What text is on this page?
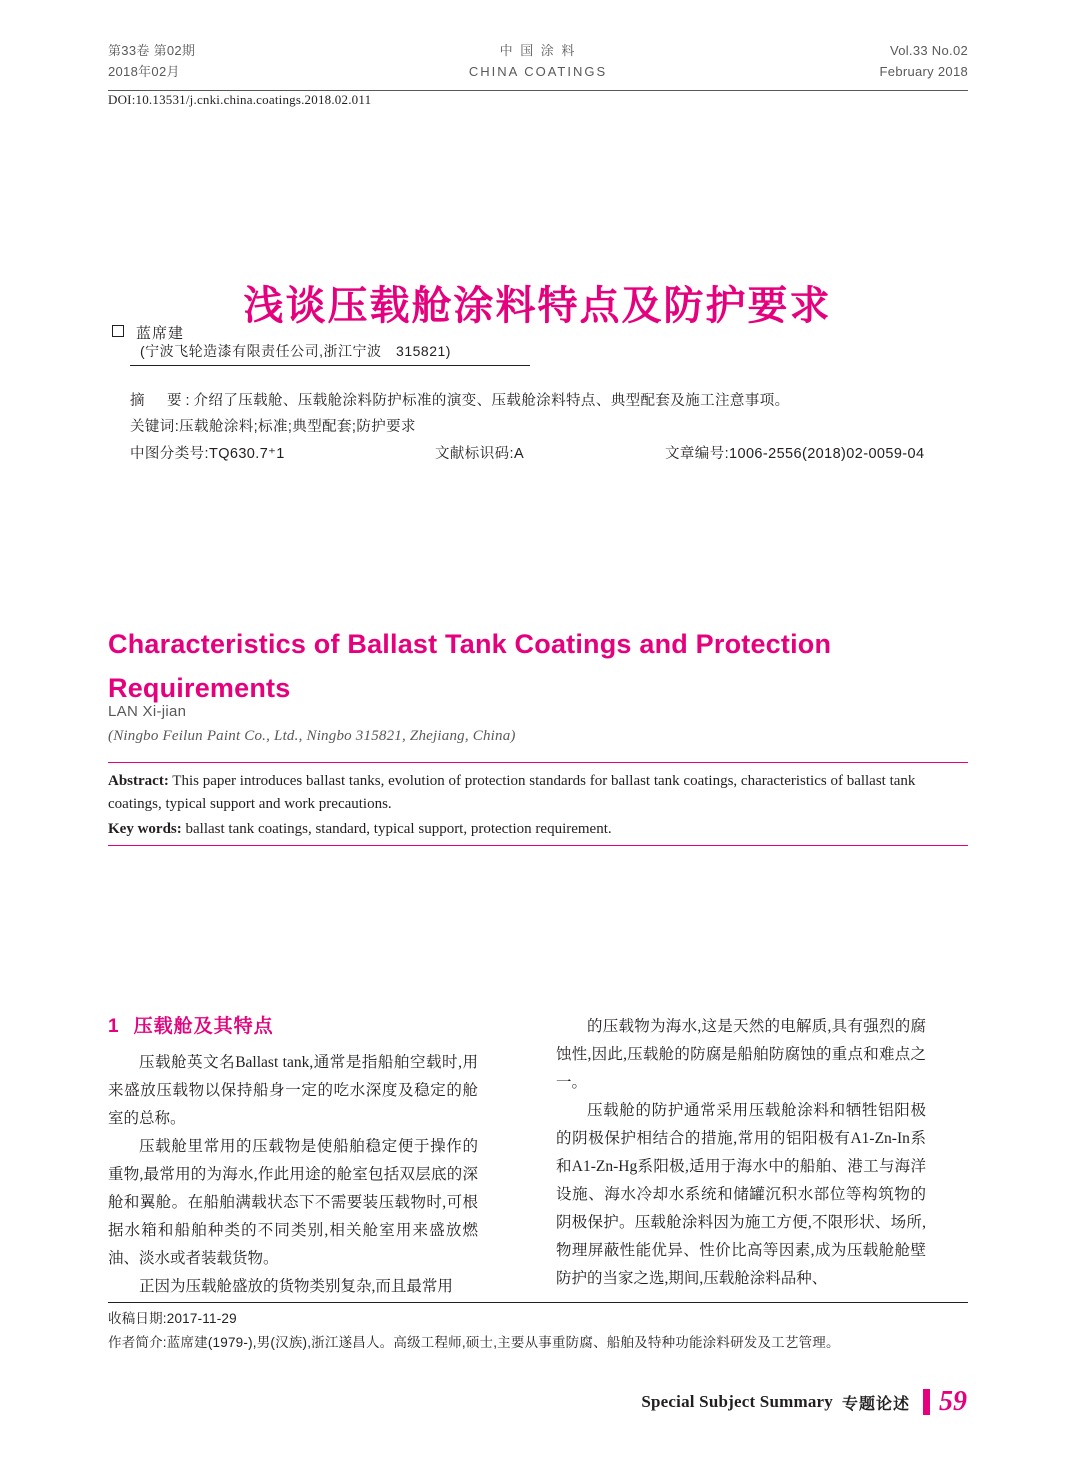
第33卷 第02期
2018年02月
中 国 涂 料
CHINA COATINGS
Vol.33 No.02
February 2018
DOI:10.13531/j.cnki.china.coatings.2018.02.011
浅谈压载舱涂料特点及防护要求
蓝席建
(宁波飞轮造漆有限责任公司,浙江宁波　315821)
摘　要:介绍了压载舱、压载舱涂料防护标准的演变、压载舱涂料特点、典型配套及施工注意事项。
关键词:压载舱涂料;标准;典型配套;防护要求
中图分类号:TQ630.7⁺1	文献标识码:A	文章编号:1006-2556(2018)02-0059-04
Characteristics of Ballast Tank Coatings and Protection Requirements
LAN Xi-jian
(Ningbo Feilun Paint Co., Ltd., Ningbo 315821, Zhejiang, China)
Abstract: This paper introduces ballast tanks, evolution of protection standards for ballast tank coatings, characteristics of ballast tank coatings, typical support and work precautions.
Key words: ballast tank coatings, standard, typical support, protection requirement.
1 压载舱及其特点

压载舱英文名Ballast tank,通常是指船舶空载时,用来盛放压载物以保持船身一定的吃水深度及稳定的舱室的总称。

压载舱里常用的压载物是使船舶稳定便于操作的重物,最常用的为海水,作此用途的舱室包括双层底的深舱和翼舱。在船舶满载状态下不需要装压载物时,可根据水箱和船舶种类的不同类别,相关舱室用来盛放燃油、淡水或者装载货物。

正因为压载舱盛放的货物类别复杂,而且最常用

的压载物为海水,这是天然的电解质,具有强烈的腐蚀性,因此,压载舱的防腐是船舶防腐蚀的重点和难点之一。

压载舱的防护通常采用压载舱涂料和牺牲铝阳极的阴极保护相结合的措施,常用的铝阳极有A1-Zn-In系和A1-Zn-Hg系阳极,适用于海水中的船舶、港工与海洋设施、海水冷却水系统和储罐沉积水部位等构筑物的阴极保护。压载舱涂料因为施工方便,不限形状、场所,物理屏蔽性能优异、性价比高等因素,成为压载舱舱壁防护的当家之选,期间,压载舱涂料品种、

收稿日期:2017-11-29
作者简介:蓝席建(1979-),男(汉族),浙江遂昌人。高级工程师,硕士,主要从事重防腐、船舶及特种功能涂料研发及工艺管理。
Special Subject Summary 专题论述 59
